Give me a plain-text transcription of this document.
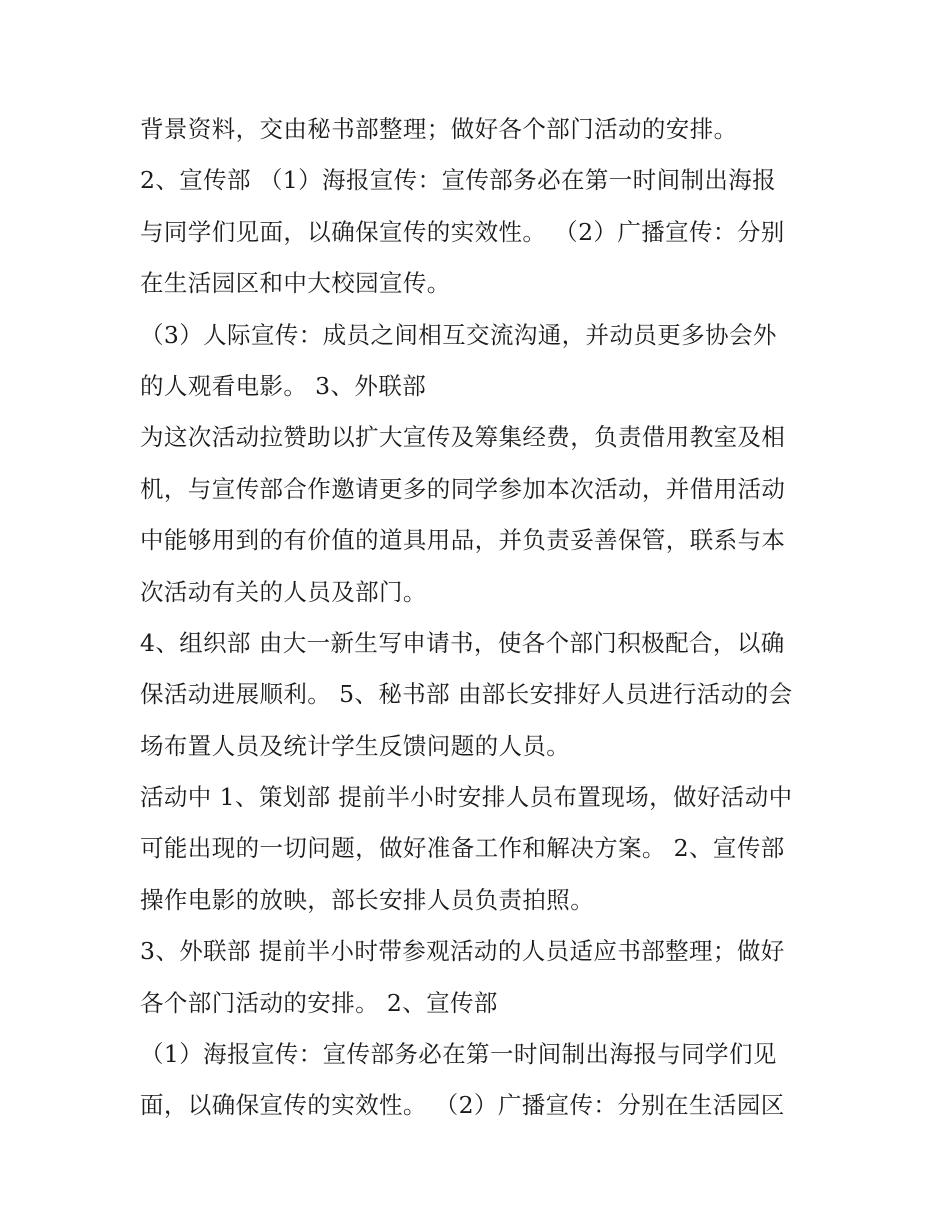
背景资料，交由秘书部整理；做好各个部门活动的安排。
2、宣传部 （1）海报宣传：宣传部务必在第一时间制出海报
与同学们见面，以确保宣传的实效性。 （2）广播宣传：分别
在生活园区和中大校园宣传。
（3）人际宣传：成员之间相互交流沟通，并动员更多协会外
的人观看电影。 3、外联部
为这次活动拉赞助以扩大宣传及筹集经费，负责借用教室及相
机，与宣传部合作邀请更多的同学参加本次活动，并借用活动
中能够用到的有价值的道具用品，并负责妥善保管，联系与本
次活动有关的人员及部门。
4、组织部 由大一新生写申请书，使各个部门积极配合，以确
保活动进展顺利。 5、秘书部 由部长安排好人员进行活动的会
场布置人员及统计学生反馈问题的人员。
活动中 1、策划部 提前半小时安排人员布置现场，做好活动中
可能出现的一切问题，做好准备工作和解决方案。 2、宣传部
操作电影的放映，部长安排人员负责拍照。
3、外联部 提前半小时带参观活动的人员适应书部整理；做好
各个部门活动的安排。 2、宣传部
（1）海报宣传：宣传部务必在第一时间制出海报与同学们见
面，以确保宣传的实效性。 （2）广播宣传：分别在生活园区
